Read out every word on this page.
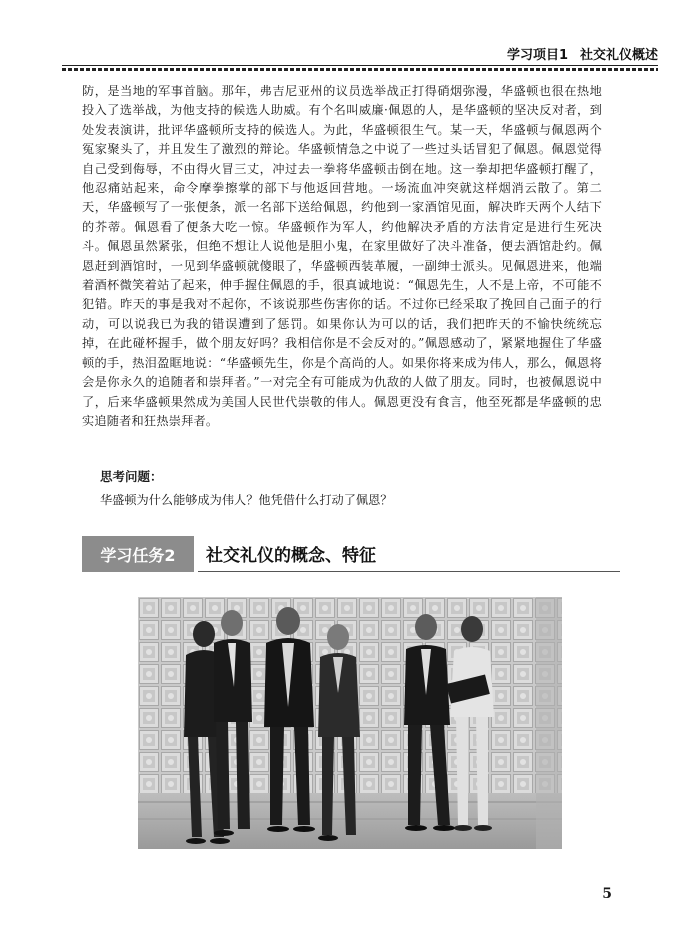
学习项目1 社交礼仪概述
防，是当地的军事首脑。那年，弗吉尼亚州的议员选举战正打得硝烟弥漫，华盛顿也很在热地投入了选举战，为他支持的候选人助威。有个名叫威廉·佩恩的人，是华盛顿的坚决反对者，到处发表演讲，批评华盛顿所支持的候选人。为此，华盛顿很生气。某一天，华盛顿与佩恩两个冤家聚头了，并且发生了激烈的辩论。华盛顿情急之中说了一些过头话冒犯了佩恩。佩恩觉得自己受到侮辱，不由得火冒三丈，冲过去一拳将华盛顿击倒在地。这一拳却把华盛顿打醒了，他忍痛站起来，命令摩拳擦掌的部下与他返回营地。一场流血冲突就这样烟消云散了。第二天，华盛顿写了一张便条，派一名部下送给佩恩，约他到一家酒馆见面，解决昨天两个人结下的芥蒂。佩恩看了便条大吃一惊。华盛顿作为军人，约他解决矛盾的方法肯定是进行生死决斗。佩恩虽然紧张，但绝不想让人说他是胆小鬼，在家里做好了决斗准备，便去酒馆赴约。佩恩赶到酒馆时，一见到华盛顿就傻眼了，华盛顿西装革履，一副绅士派头。见佩恩进来，他端着酒杯微笑着站了起来，伸手握住佩恩的手，很真诚地说：“佩恩先生，人不是上帝，不可能不犯错。昨天的事是我对不起你，不该说那些伤害你的话。不过你已经采取了挽回自己面子的行动，可以说我已为我的错误遭到了惩罚。如果你认为可以的话，我们把昨天的不愉快统统忘掉，在此碰杯握手，做个朋友好吗？我相信你是不会反对的。”佩恩感动了，紧紧地握住了华盛顿的手，热泪盈眶地说：“华盛顿先生，你是个高尚的人。如果你将来成为伟人，那么，佩恩将会是你永久的追随者和崇拜者。”一对完全有可能成为仇敌的人做了朋友。同时，也被佩恩说中了，后来华盛顿果然成为美国人民世代崇敬的伟人。佩恩更没有食言，他至死都是华盛顿的忠实追随者和狂热崇拜者。
思考问题：
华盛顿为什么能够成为伟人？他凭借什么打动了佩恩？
学习任务2	社交礼仪的概念、特征
5
